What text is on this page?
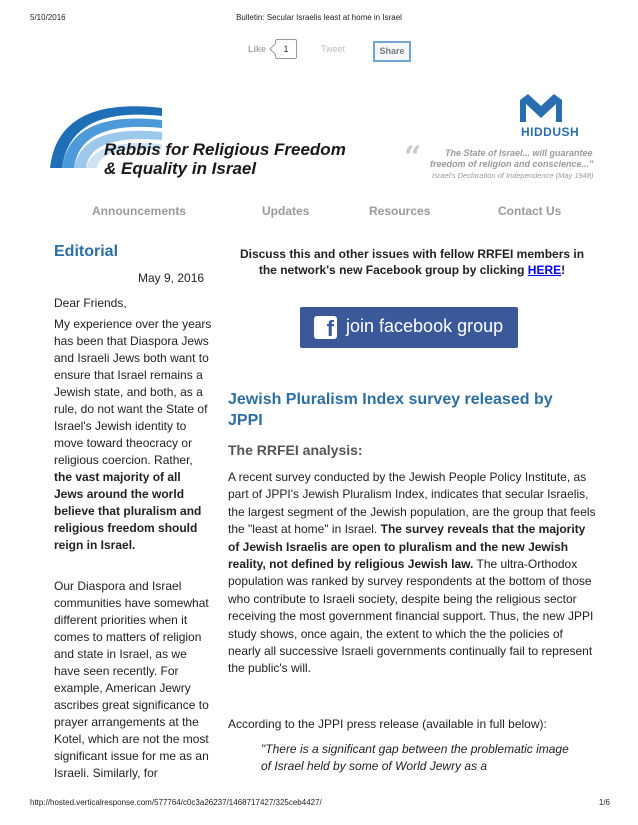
5/10/2016	Bulletin: Secular Israelis least at home in Israel
Like	1	Tweet	Share
Rabbis for Religious Freedom
& Equality in Israel
HIDDUSH
“	The State of Israel... will guarantee
freedom of religion and conscience..."
Israel's Declaration of Independence (May 1948)
Announcements	Updates	Resources	Contact Us
Editorial
May 9, 2016
Dear Friends,
My experience over the years has been that Diaspora Jews and Israeli Jews both want to ensure that Israel remains a Jewish state, and both, as a rule, do not want the State of Israel's Jewish identity to move toward theocracy or religious coercion. Rather, the vast majority of all Jews around the world believe that pluralism and religious freedom should reign in Israel.
Our Diaspora and Israel communities have somewhat different priorities when it comes to matters of religion and state in Israel, as we have seen recently. For example, American Jewry ascribes great significance to prayer arrangements at the Kotel, which are not the most significant issue for me as an Israeli. Similarly, for
Discuss this and other issues with fellow RRFEI members in the network's new Facebook group by clicking HERE!
f join facebook group
Jewish Pluralism Index survey released by JPPI
The RRFEI analysis:
A recent survey conducted by the Jewish People Policy Institute, as part of JPPI's Jewish Pluralism Index, indicates that secular Israelis, the largest segment of the Jewish population, are the group that feels the "least at home" in Israel. The survey reveals that the majority of Jewish Israelis are open to pluralism and the new Jewish reality, not defined by religious Jewish law. The ultra-Orthodox population was ranked by survey respondents at the bottom of those who contribute to Israeli society, despite being the religious sector receiving the most government financial support. Thus, the new JPPI study shows, once again, the extent to which the the policies of nearly all successive Israeli governments continually fail to represent the public's will.
According to the JPPI press release (available in full below):
"There is a significant gap between the problematic image of Israel held by some of World Jewry as a
http://hosted.verticalresponse.com/577764/c0c3a26237/1468717427/325ceb4427/	1/6
